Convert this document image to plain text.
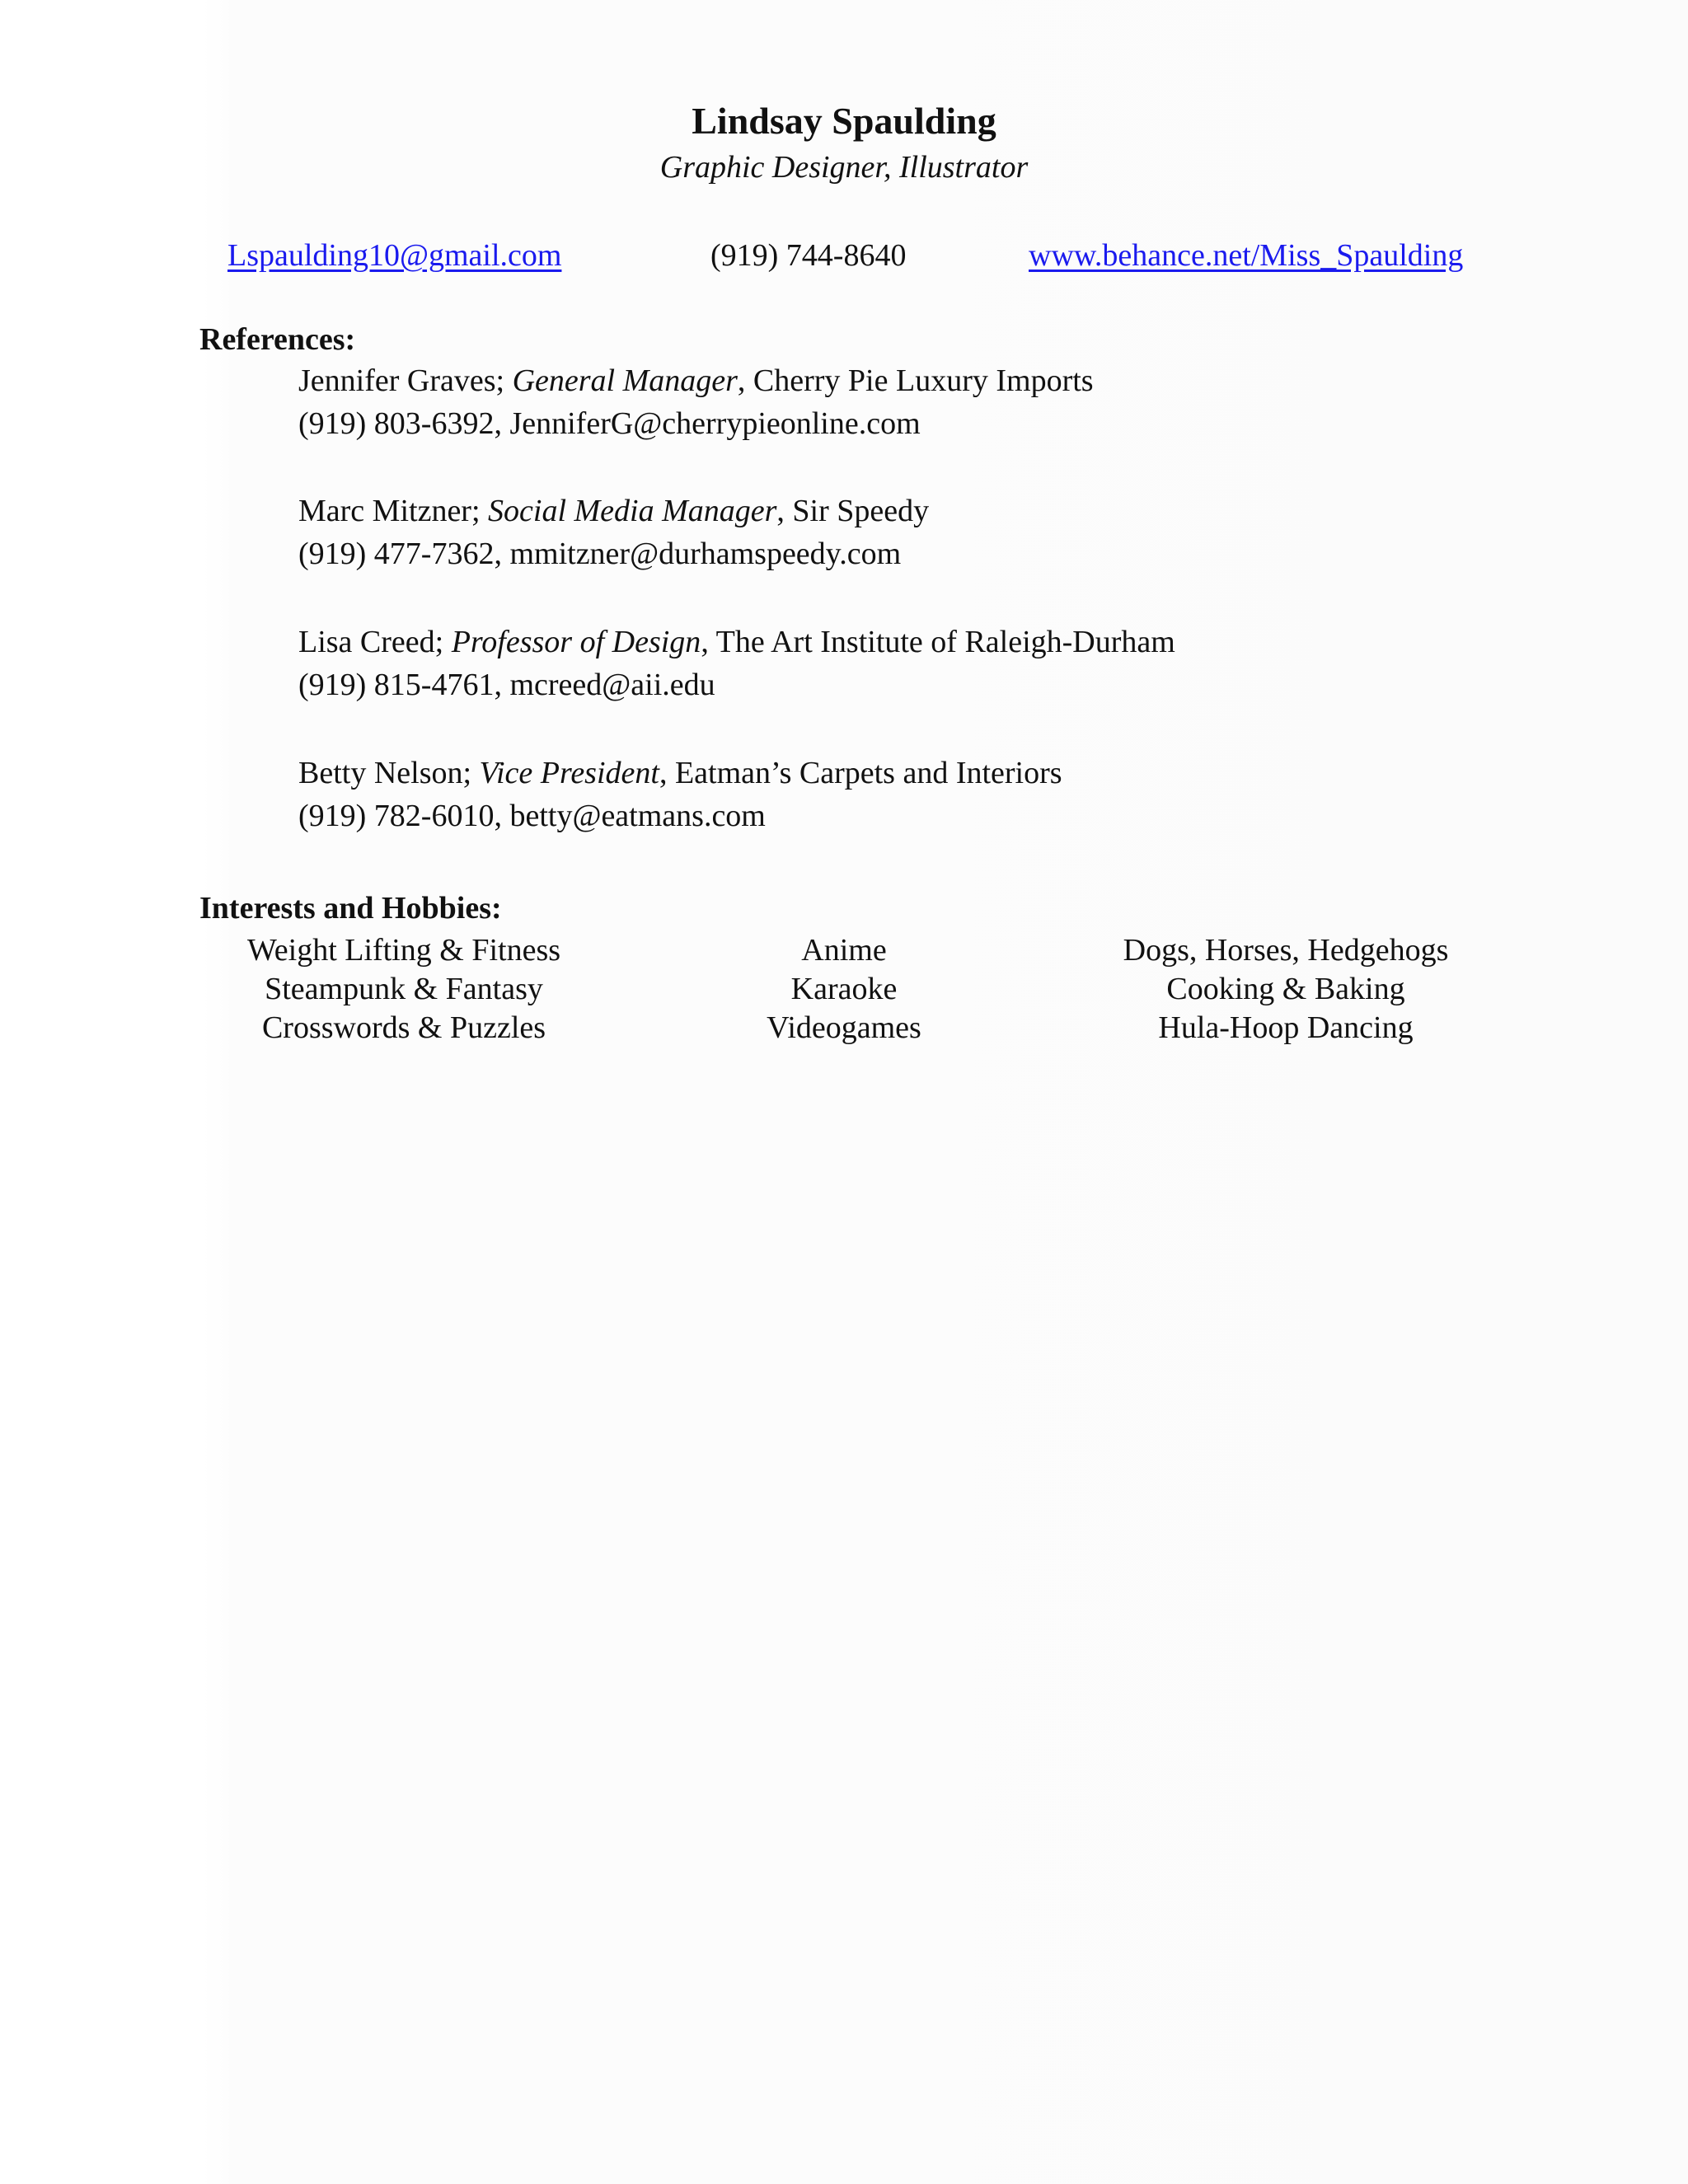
Lindsay Spaulding
Graphic Designer, Illustrator
Lspaulding10@gmail.com	(919) 744-8640	www.behance.net/Miss_Spaulding
References:
Jennifer Graves; General Manager, Cherry Pie Luxury Imports
(919) 803-6392, JenniferG@cherrypieonline.com
Marc Mitzner; Social Media Manager, Sir Speedy
(919) 477-7362, mmitzner@durhamspeedy.com
Lisa Creed; Professor of Design, The Art Institute of Raleigh-Durham
(919) 815-4761, mcreed@aii.edu
Betty Nelson; Vice President, Eatman’s Carpets and Interiors
(919) 782-6010, betty@eatmans.com
Interests and Hobbies:
Weight Lifting & Fitness
Steampunk & Fantasy
Crosswords & Puzzles
Anime
Karaoke
Videogames
Dogs, Horses, Hedgehogs
Cooking & Baking
Hula-Hoop Dancing
